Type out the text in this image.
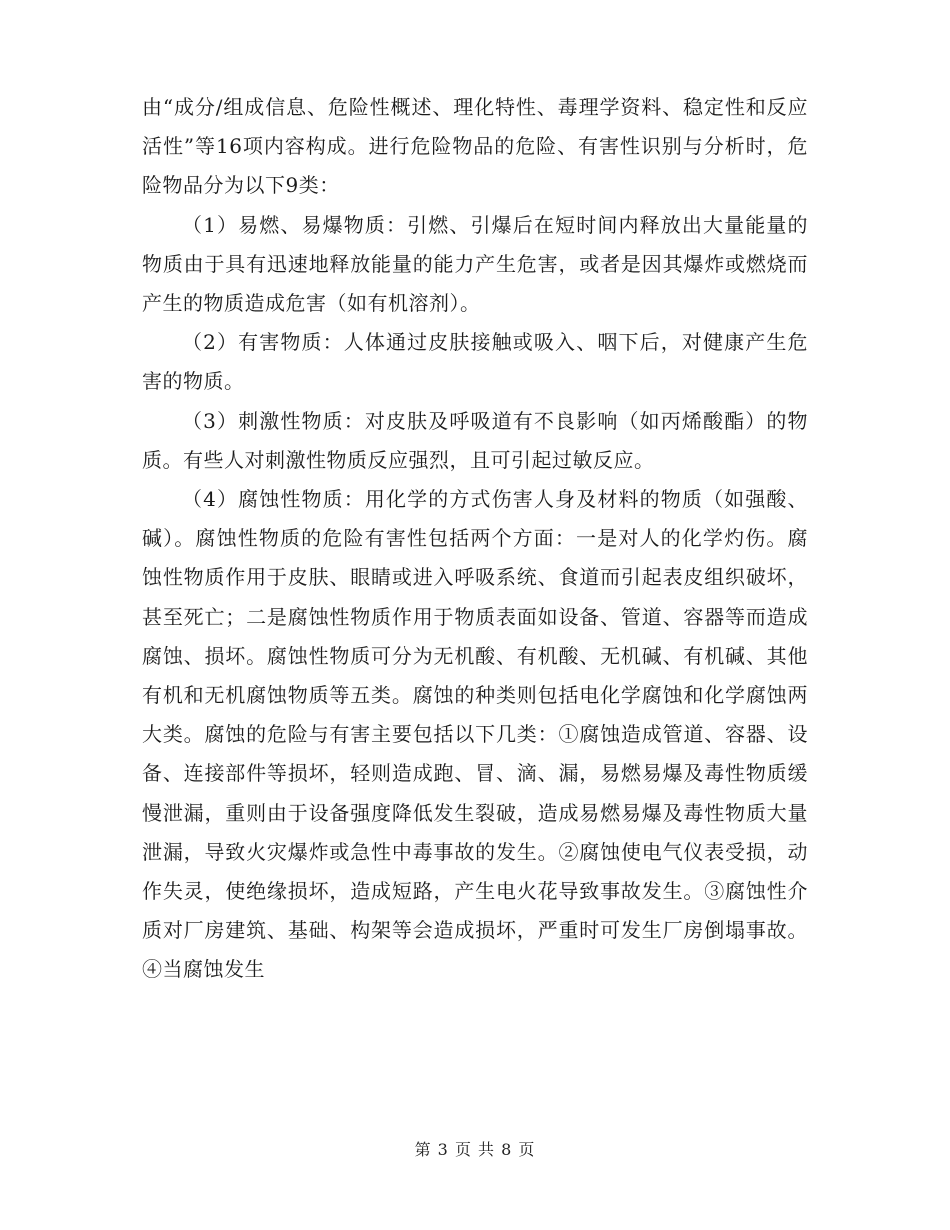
由“成分/组成信息、危险性概述、理化特性、毒理学资料、稳定性和反应活性”等16项内容构成。进行危险物品的危险、有害性识别与分析时，危险物品分为以下9类：

（1）易燃、易爆物质：引燃、引爆后在短时间内释放出大量能量的物质由于具有迅速地释放能量的能力产生危害，或者是因其爆炸或燃烧而产生的物质造成危害（如有机溶剂）。

（2）有害物质：人体通过皮肤接触或吸入、咽下后，对健康产生危害的物质。

（3）刺激性物质：对皮肤及呼吸道有不良影响（如丙烯酸酯）的物质。有些人对刺激性物质反应强烈，且可引起过敏反应。

（4）腐蚀性物质：用化学的方式伤害人身及材料的物质（如强酸、碱）。腐蚀性物质的危险有害性包括两个方面：一是对人的化学灼伤。腐蚀性物质作用于皮肤、眼睛或进入呼吸系统、食道而引起表皮组织破坏，甚至死亡；二是腐蚀性物质作用于物质表面如设备、管道、容器等而造成腐蚀、损坏。腐蚀性物质可分为无机酸、有机酸、无机碱、有机碱、其他有机和无机腐蚀物质等五类。腐蚀的种类则包括电化学腐蚀和化学腐蚀两大类。腐蚀的危险与有害主要包括以下几类：①腐蚀造成管道、容器、设备、连接部件等损坏，轻则造成跑、冒、滴、漏，易燃易爆及毒性物质缓慢泄漏，重则由于设备强度降低发生裂破，造成易燃易爆及毒性物质大量泄漏，导致火灾爆炸或急性中毒事故的发生。②腐蚀使电气仪表受损，动作失灵，使绝缘损坏，造成短路，产生电火花导致事故发生。③腐蚀性介质对厂房建筑、基础、构架等会造成损坏，严重时可发生厂房倒塌事故。④当腐蚀发生

第 3 页 共 8 页
